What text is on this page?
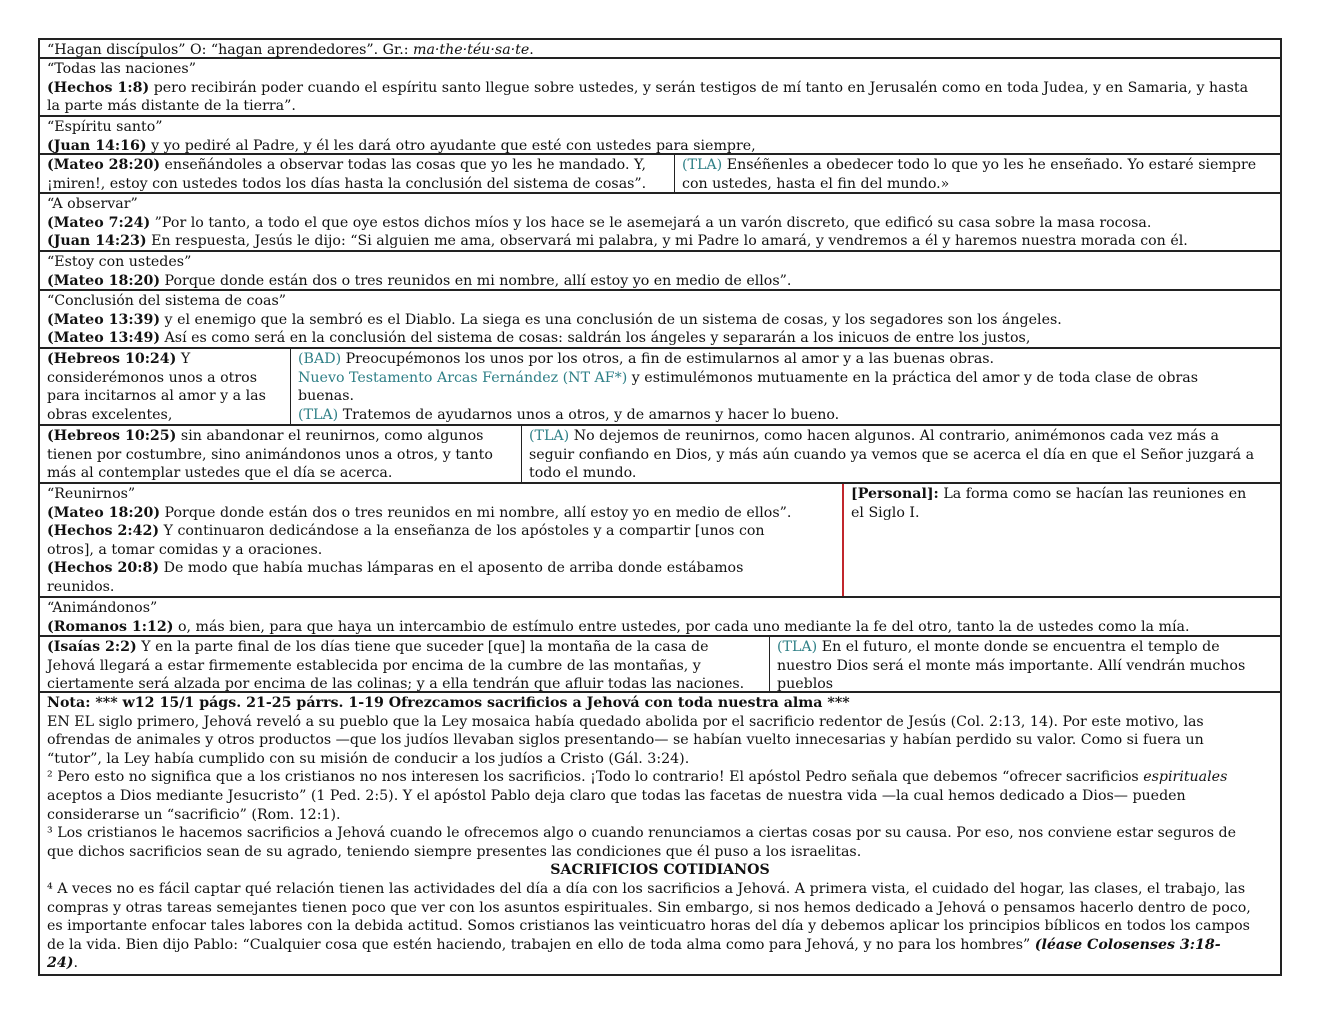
“Hagan discípulos” O: “hagan aprendedores”. Gr.: ma·the·téu·sa·te.
“Todas las naciones”
(Hechos 1:8) pero recibirán poder cuando el espíritu santo llegue sobre ustedes, y serán testigos de mí tanto en Jerusalén como en toda Judea, y en Samaria, y hasta
la parte más distante de la tierra”.
“Espíritu santo”
(Juan 14:16) y yo pediré al Padre, y él les dará otro ayudante que esté con ustedes para siempre,
(Mateo 28:20) enseñándoles a observar todas las cosas que yo les he mandado. Y,
¡miren!, estoy con ustedes todos los días hasta la conclusión del sistema de cosas”.
(TLA) Enséñenles a obedecer todo lo que yo les he enseñado. Yo estaré siempre
con ustedes, hasta el fin del mundo.»
“A observar”
(Mateo 7:24) ”Por lo tanto, a todo el que oye estos dichos míos y los hace se le asemejará a un varón discreto, que edificó su casa sobre la masa rocosa.
(Juan 14:23) En respuesta, Jesús le dijo: “Si alguien me ama, observará mi palabra, y mi Padre lo amará, y vendremos a él y haremos nuestra morada con él.
“Estoy con ustedes”
(Mateo 18:20) Porque donde están dos o tres reunidos en mi nombre, allí estoy yo en medio de ellos”.
“Conclusión del sistema de coas”
(Mateo 13:39) y el enemigo que la sembró es el Diablo. La siega es una conclusión de un sistema de cosas, y los segadores son los ángeles.
(Mateo 13:49) Así es como será en la conclusión del sistema de cosas: saldrán los ángeles y separarán a los inicuos de entre los justos,
(Hebreos 10:24) Y
considerémonos unos a otros
para incitarnos al amor y a las
obras excelentes,
(BAD) Preocupémonos los unos por los otros, a fin de estimularnos al amor y a las buenas obras.
Nuevo Testamento Arcas Fernández (NT AF*) y estimulémonos mutuamente en la práctica del amor y de toda clase de obras
buenas.
(TLA) Tratemos de ayudarnos unos a otros, y de amarnos y hacer lo bueno.
(Hebreos 10:25) sin abandonar el reunirnos, como algunos
tienen por costumbre, sino animándonos unos a otros, y tanto
más al contemplar ustedes que el día se acerca.
(TLA) No dejemos de reunirnos, como hacen algunos. Al contrario, animémonos cada vez más a
seguir confiando en Dios, y más aún cuando ya vemos que se acerca el día en que el Señor juzgará a
todo el mundo.
“Reunirnos”
(Mateo 18:20) Porque donde están dos o tres reunidos en mi nombre, allí estoy yo en medio de ellos”.
(Hechos 2:42) Y continuaron dedicándose a la enseñanza de los apóstoles y a compartir [unos con
otros], a tomar comidas y a oraciones.
(Hechos 20:8) De modo que había muchas lámparas en el aposento de arriba donde estábamos
reunidos.
[Personal]: La forma como se hacían las reuniones en
el Siglo I.
“Animándonos”
(Romanos 1:12) o, más bien, para que haya un intercambio de estímulo entre ustedes, por cada uno mediante la fe del otro, tanto la de ustedes como la mía.
(Isaías 2:2) Y en la parte final de los días tiene que suceder [que] la montaña de la casa de
Jehová llegará a estar firmemente establecida por encima de la cumbre de las montañas, y
ciertamente será alzada por encima de las colinas; y a ella tendrán que afluir todas las naciones.
(TLA) En el futuro, el monte donde se encuentra el templo de
nuestro Dios será el monte más importante. Allí vendrán muchos
pueblos
Nota: *** w12 15/1 págs. 21-25 párrs. 1-19 Ofrezcamos sacrificios a Jehová con toda nuestra alma ***
EN EL siglo primero, Jehová reveló a su pueblo que la Ley mosaica había quedado abolida por el sacrificio redentor de Jesús (Col. 2:13, 14). Por este motivo, las
ofrendas de animales y otros productos —que los judíos llevaban siglos presentando— se habían vuelto innecesarias y habían perdido su valor. Como si fuera un
“tutor”, la Ley había cumplido con su misión de conducir a los judíos a Cristo (Gál. 3:24).
² Pero esto no significa que a los cristianos no nos interesen los sacrificios. ¡Todo lo contrario! El apóstol Pedro señala que debemos “ofrecer sacrificios espirituales
aceptos a Dios mediante Jesucristo” (1 Ped. 2:5). Y el apóstol Pablo deja claro que todas las facetas de nuestra vida —la cual hemos dedicado a Dios— pueden
considerarse un “sacrificio” (Rom. 12:1).
³ Los cristianos le hacemos sacrificios a Jehová cuando le ofrecemos algo o cuando renunciamos a ciertas cosas por su causa. Por eso, nos conviene estar seguros de
que dichos sacrificios sean de su agrado, teniendo siempre presentes las condiciones que él puso a los israelitas.
SACRIFICIOS COTIDIANOS
⁴ A veces no es fácil captar qué relación tienen las actividades del día a día con los sacrificios a Jehová. A primera vista, el cuidado del hogar, las clases, el trabajo, las
compras y otras tareas semejantes tienen poco que ver con los asuntos espirituales. Sin embargo, si nos hemos dedicado a Jehová o pensamos hacerlo dentro de poco,
es importante enfocar tales labores con la debida actitud. Somos cristianos las veinticuatro horas del día y debemos aplicar los principios bíblicos en todos los campos
de la vida. Bien dijo Pablo: “Cualquier cosa que estén haciendo, trabajen en ello de toda alma como para Jehová, y no para los hombres” (léase Colosenses 3:18-
24).
